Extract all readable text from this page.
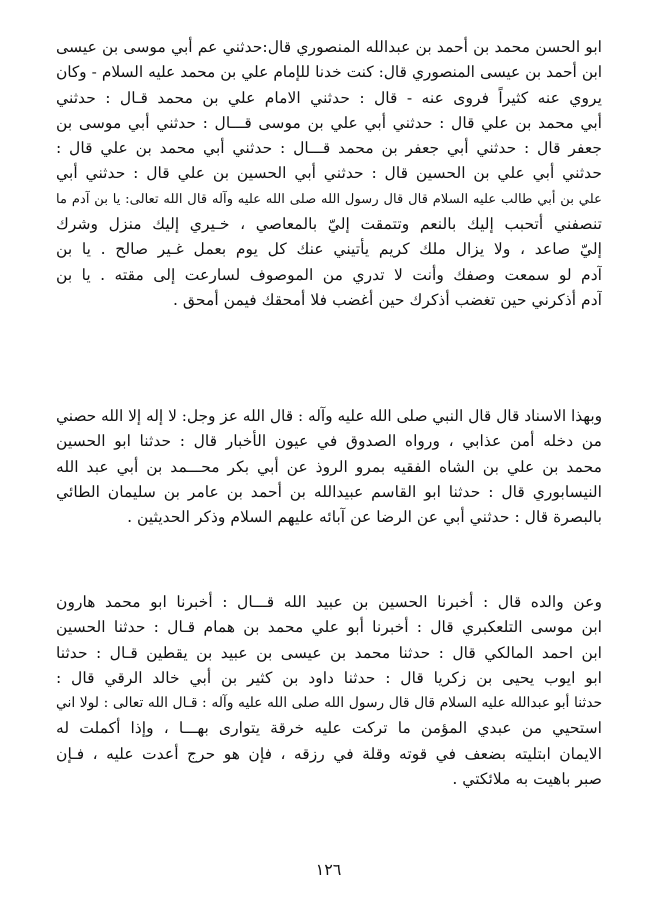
ابو الحسن محمد بن أحمد بن عبدالله المنصوري قال:حدثني عم أبي موسى بن عيسى
ابن أحمد بن عيسى المنصوري قال: كنت خدنا للإمام علي بن محمد عليه السلام - وكان
يروي عنه كثيراً فروى عنه - قال : حدثني الامام علي بن محمد قـال : حدثني
أبي محمد بن علي قال : حدثني أبي علي بن موسى قـــال : حدثني أبي موسى بن
جعفر قال : حدثني أبي جعفر بن محمد قـــال : حدثني أبي محمد بن علي قال :
حدثني أبي علي بن الحسين قال : حدثني أبي الحسين بن علي قال : حدثني أبي
علي بن أبي طالب عليه السلام قال قال رسول الله صلى الله عليه وآله قال الله تعالى: يا بن آدم ما
تنصفني أتحبب إليك بالنعم وتتمقت إليّ بالمعاصي ، خـيري إليك منزل وشرك
إليّ صاعد ، ولا يزال ملك كريم يأتيني عنك كل يوم بعمل غـير صالح . يا بن
آدم لو سمعت وصفك وأنت لا تدري من الموصوف لسارعت إلى مقته . يا بن
آدم أذكرني حين تغضب أذكرك حين أغضب فلا أمحقك فيمن أمحق .
وبهذا الاسناد قال قال النبي صلى الله عليه وآله : قال الله عز وجل: لا إله إلا الله حصني
من دخله أمن عذابي ، ورواه الصدوق في عيون الأخبار قال : حدثنا ابو الحسين
محمد بن علي بن الشاه الفقيه بمرو الروذ عن أبي بكر محـــمد بن أبي عبد الله
النيسابوري قال : حدثنا ابو القاسم عبيدالله بن أحمد بن عامر بن سليمان الطائي
بالبصرة قال : حدثني أبي عن الرضا عن آبائه عليهم السلام وذكر الحديثين .
وعن والده قال : أخبرنا الحسين بن عبيد الله قـــال : أخبرنا ابو محمد هارون
ابن موسى التلعكبري قال : أخبرنا أبو علي محمد بن همام قـال : حدثنا الحسين
ابن احمد المالكي قال : حدثنا محمد بن عيسى بن عبيد بن يقطين قـال : حدثنا
ابو ايوب يحيى بن زكريا قال : حدثنا داود بن كثير بن أبي خالد الرقي قال :
حدثنا أبو عبدالله عليه السلام قال قال رسول الله صلى الله عليه وآله : قـال الله تعالى : لولا اني
استحيي من عبدي المؤمن ما تركت عليه خرقة يتوارى بهـــا ، وإذا أكملت له
الايمان ابتليته بضعف في قوته وقلة في رزقه ، فإن هو حرج أعدت عليه ، فـإن
صبر باهيت به ملائكتي .
١٢٦
